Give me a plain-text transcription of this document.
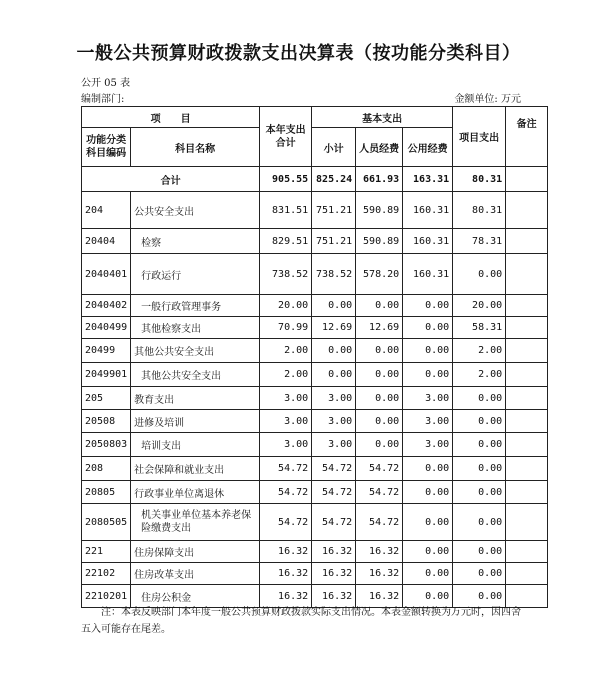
一般公共预算财政拨款支出决算表（按功能分类科目）
公开 05 表
编制部门:	金额单位: 万元
项　　目		本年支出合计	基本支出			项目支出	备注
功能分类科目编码	科目名称		小计	人员经费	公用经费		
合计		905.55	825.24	661.93	163.31	80.31	
204	公共安全支出	831.51	751.21	590.89	160.31	80.31	
20404	检察	829.51	751.21	590.89	160.31	78.31	
2040401	行政运行	738.52	738.52	578.20	160.31	0.00	
2040402	一般行政管理事务	20.00	0.00	0.00	0.00	20.00	
2040499	其他检察支出	70.99	12.69	12.69	0.00	58.31	
20499	其他公共安全支出	2.00	0.00	0.00	0.00	2.00	
2049901	其他公共安全支出	2.00	0.00	0.00	0.00	2.00	
205	教育支出	3.00	3.00	0.00	3.00	0.00	
20508	进修及培训	3.00	3.00	0.00	3.00	0.00	
2050803	培训支出	3.00	3.00	0.00	3.00	0.00	
208	社会保障和就业支出	54.72	54.72	54.72	0.00	0.00	
20805	行政事业单位离退休	54.72	54.72	54.72	0.00	0.00	
2080505	机关事业单位基本养老保险缴费支出	54.72	54.72	54.72	0.00	0.00	
221	住房保障支出	16.32	16.32	16.32	0.00	0.00	
22102	住房改革支出	16.32	16.32	16.32	0.00	0.00	
2210201	住房公积金	16.32	16.32	16.32	0.00	0.00	
注：本表反映部门本年度一般公共预算财政拨款实际支出情况。本表金额转换为万元时，因四舍五入可能存在尾差。
